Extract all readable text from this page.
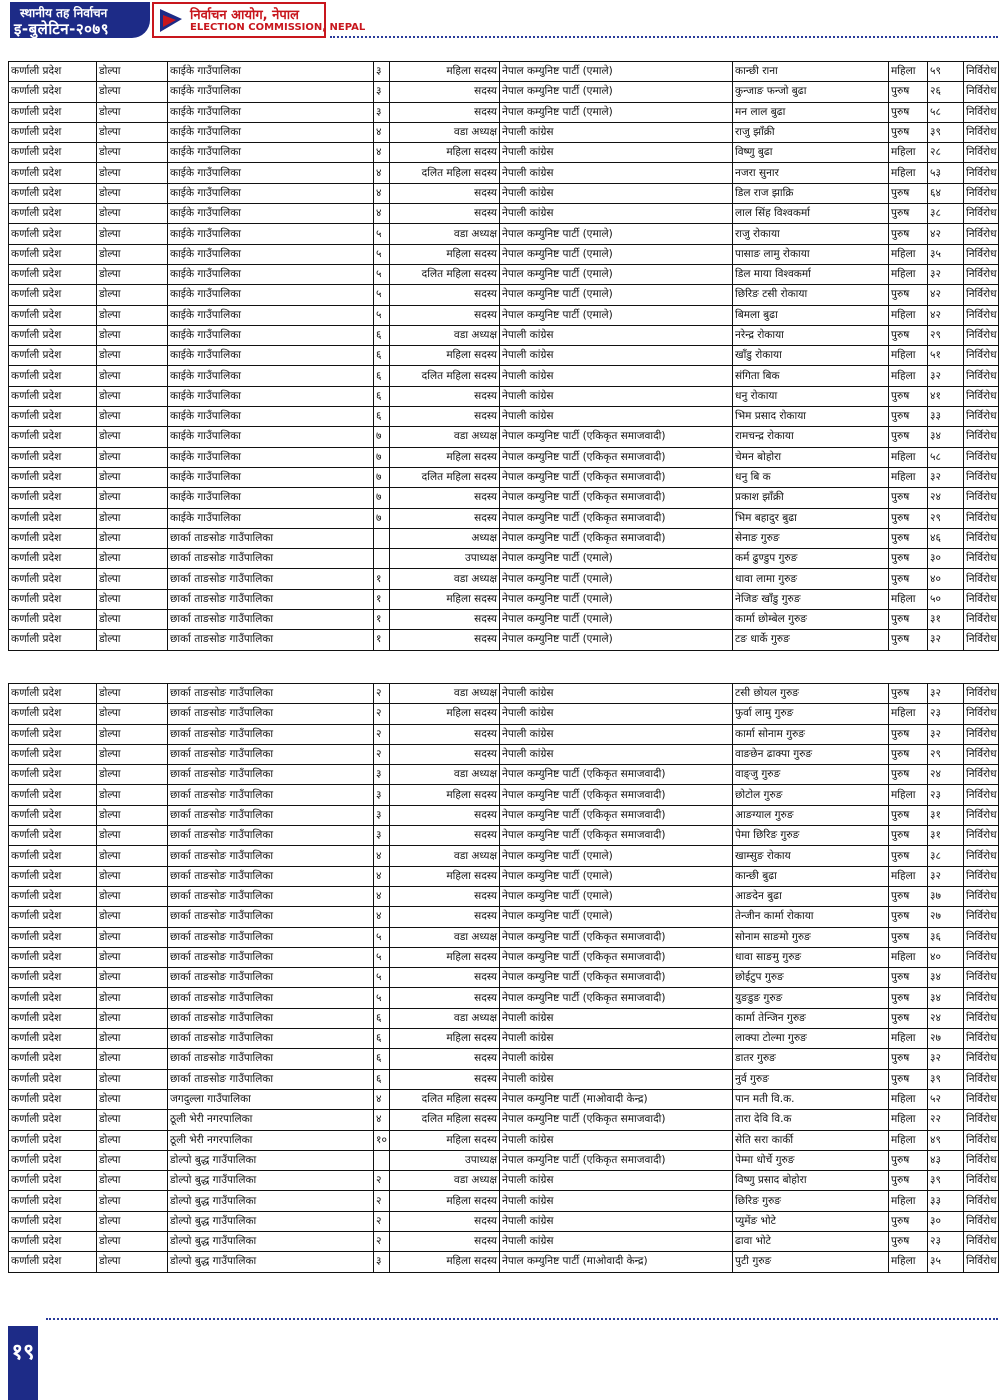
स्थानीय तह निर्वाचन
इ-बुलेटिन-२०७९
निर्वाचन आयोग, नेपाल
ELECTION COMMISSION, NEPAL
कर्णाली प्रदेश	डोल्पा	काईके गाउँपालिका	३	महिला सदस्य	नेपाल कम्युनिष्ट पार्टी (एमाले)	कान्छी राना	महिला	५९	निर्विरोध
कर्णाली प्रदेश	डोल्पा	काईके गाउँपालिका	३	सदस्य	नेपाल कम्युनिष्ट पार्टी (एमाले)	कुन्जाङ फन्जो बुढा	पुरुष	२६	निर्विरोध
कर्णाली प्रदेश	डोल्पा	काईके गाउँपालिका	३	सदस्य	नेपाल कम्युनिष्ट पार्टी (एमाले)	मन लाल बुढा	पुरुष	५८	निर्विरोध
कर्णाली प्रदेश	डोल्पा	काईके गाउँपालिका	४	वडा अध्यक्ष	नेपाली कांग्रेस	राजु झाँक्री	पुरुष	३९	निर्विरोध
कर्णाली प्रदेश	डोल्पा	काईके गाउँपालिका	४	महिला सदस्य	नेपाली कांग्रेस	विष्णु बुढा	महिला	२८	निर्विरोध
कर्णाली प्रदेश	डोल्पा	काईके गाउँपालिका	४	दलित महिला सदस्य	नेपाली कांग्रेस	नजरा सुनार	महिला	५३	निर्विरोध
कर्णाली प्रदेश	डोल्पा	काईके गाउँपालिका	४	सदस्य	नेपाली कांग्रेस	डिल राज झाक्रि	पुरुष	६४	निर्विरोध
कर्णाली प्रदेश	डोल्पा	काईके गाउँपालिका	४	सदस्य	नेपाली कांग्रेस	लाल सिंह विश्वकर्मा	पुरुष	३८	निर्विरोध
कर्णाली प्रदेश	डोल्पा	काईके गाउँपालिका	५	वडा अध्यक्ष	नेपाल कम्युनिष्ट पार्टी (एमाले)	राजु रोकाया	पुरुष	४२	निर्विरोध
कर्णाली प्रदेश	डोल्पा	काईके गाउँपालिका	५	महिला सदस्य	नेपाल कम्युनिष्ट पार्टी (एमाले)	पासाङ लामु रोकाया	महिला	३५	निर्विरोध
कर्णाली प्रदेश	डोल्पा	काईके गाउँपालिका	५	दलित महिला सदस्य	नेपाल कम्युनिष्ट पार्टी (एमाले)	डिल माया विश्वकर्मा	महिला	३२	निर्विरोध
कर्णाली प्रदेश	डोल्पा	काईके गाउँपालिका	५	सदस्य	नेपाल कम्युनिष्ट पार्टी (एमाले)	छिरिङ टसी रोकाया	पुरुष	४२	निर्विरोध
कर्णाली प्रदेश	डोल्पा	काईके गाउँपालिका	५	सदस्य	नेपाल कम्युनिष्ट पार्टी (एमाले)	बिमला बुढा	महिला	४२	निर्विरोध
कर्णाली प्रदेश	डोल्पा	काईके गाउँपालिका	६	वडा अध्यक्ष	नेपाली कांग्रेस	नरेन्द्र रोकाया	पुरुष	२९	निर्विरोध
कर्णाली प्रदेश	डोल्पा	काईके गाउँपालिका	६	महिला सदस्य	नेपाली कांग्रेस	खाँडु रोकाया	महिला	५१	निर्विरोध
कर्णाली प्रदेश	डोल्पा	काईके गाउँपालिका	६	दलित महिला सदस्य	नेपाली कांग्रेस	संगिता बिक	महिला	३२	निर्विरोध
कर्णाली प्रदेश	डोल्पा	काईके गाउँपालिका	६	सदस्य	नेपाली कांग्रेस	धनु रोकाया	पुरुष	४१	निर्विरोध
कर्णाली प्रदेश	डोल्पा	काईके गाउँपालिका	६	सदस्य	नेपाली कांग्रेस	भिम प्रसाद रोकाया	पुरुष	३३	निर्विरोध
कर्णाली प्रदेश	डोल्पा	काईके गाउँपालिका	७	वडा अध्यक्ष	नेपाल कम्युनिष्ट पार्टी (एकिकृत समाजवादी)	रामचन्द्र रोकाया	पुरुष	३४	निर्विरोध
कर्णाली प्रदेश	डोल्पा	काईके गाउँपालिका	७	महिला सदस्य	नेपाल कम्युनिष्ट पार्टी (एकिकृत समाजवादी)	चेमन बोहोरा	महिला	५८	निर्विरोध
कर्णाली प्रदेश	डोल्पा	काईके गाउँपालिका	७	दलित महिला सदस्य	नेपाल कम्युनिष्ट पार्टी (एकिकृत समाजवादी)	धनु बि क	महिला	३२	निर्विरोध
कर्णाली प्रदेश	डोल्पा	काईके गाउँपालिका	७	सदस्य	नेपाल कम्युनिष्ट पार्टी (एकिकृत समाजवादी)	प्रकाश झाँक्री	पुरुष	२४	निर्विरोध
कर्णाली प्रदेश	डोल्पा	काईके गाउँपालिका	७	सदस्य	नेपाल कम्युनिष्ट पार्टी (एकिकृत समाजवादी)	भिम बहादुर बुढा	पुरुष	२९	निर्विरोध
कर्णाली प्रदेश	डोल्पा	छार्का ताङसोङ गाउँपालिका		अध्यक्ष	नेपाल कम्युनिष्ट पार्टी (एकिकृत समाजवादी)	सेनाङ गुरुङ	पुरुष	४६	निर्विरोध
कर्णाली प्रदेश	डोल्पा	छार्का ताङसोङ गाउँपालिका		उपाध्यक्ष	नेपाल कम्युनिष्ट पार्टी (एमाले)	कर्म ढुण्डुप गुरुङ	पुरुष	३०	निर्विरोध
कर्णाली प्रदेश	डोल्पा	छार्का ताङसोङ गाउँपालिका	१	वडा अध्यक्ष	नेपाल कम्युनिष्ट पार्टी (एमाले)	धावा लामा गुरुङ	पुरुष	४०	निर्विरोध
कर्णाली प्रदेश	डोल्पा	छार्का ताङसोङ गाउँपालिका	१	महिला सदस्य	नेपाल कम्युनिष्ट पार्टी (एमाले)	नेजिङ खाँडु गुरुङ	महिला	५०	निर्विरोध
कर्णाली प्रदेश	डोल्पा	छार्का ताङसोङ गाउँपालिका	१	सदस्य	नेपाल कम्युनिष्ट पार्टी (एमाले)	कार्मा छोम्बेल गुरुङ	पुरुष	३१	निर्विरोध
कर्णाली प्रदेश	डोल्पा	छार्का ताङसोङ गाउँपालिका	१	सदस्य	नेपाल कम्युनिष्ट पार्टी (एमाले)	टङ धार्के गुरुङ	पुरुष	३२	निर्विरोध
कर्णाली प्रदेश	डोल्पा	छार्का ताङसोङ गाउँपालिका	२	वडा अध्यक्ष	नेपाली कांग्रेस	टसी छोयल गुरुङ	पुरुष	३२	निर्विरोध
कर्णाली प्रदेश	डोल्पा	छार्का ताङसोङ गाउँपालिका	२	महिला सदस्य	नेपाली कांग्रेस	फुर्वा लामु गुरुङ	महिला	२३	निर्विरोध
कर्णाली प्रदेश	डोल्पा	छार्का ताङसोङ गाउँपालिका	२	सदस्य	नेपाली कांग्रेस	कार्मा सोनाम गुरुङ	पुरुष	३२	निर्विरोध
कर्णाली प्रदेश	डोल्पा	छार्का ताङसोङ गाउँपालिका	२	सदस्य	नेपाली कांग्रेस	वाङछेन ढाक्पा गुरुङ	पुरुष	२९	निर्विरोध
कर्णाली प्रदेश	डोल्पा	छार्का ताङसोङ गाउँपालिका	३	वडा अध्यक्ष	नेपाल कम्युनिष्ट पार्टी (एकिकृत समाजवादी)	वाङ्जु गुरुङ	पुरुष	२४	निर्विरोध
कर्णाली प्रदेश	डोल्पा	छार्का ताङसोङ गाउँपालिका	३	महिला सदस्य	नेपाल कम्युनिष्ट पार्टी (एकिकृत समाजवादी)	छोटोल गुरुङ	महिला	२३	निर्विरोध
कर्णाली प्रदेश	डोल्पा	छार्का ताङसोङ गाउँपालिका	३	सदस्य	नेपाल कम्युनिष्ट पार्टी (एकिकृत समाजवादी)	आङग्याल गुरुङ	पुरुष	३१	निर्विरोध
कर्णाली प्रदेश	डोल्पा	छार्का ताङसोङ गाउँपालिका	३	सदस्य	नेपाल कम्युनिष्ट पार्टी (एकिकृत समाजवादी)	पेमा छिरिङ गुरुङ	पुरुष	३१	निर्विरोध
कर्णाली प्रदेश	डोल्पा	छार्का ताङसोङ गाउँपालिका	४	वडा अध्यक्ष	नेपाल कम्युनिष्ट पार्टी (एमाले)	खाम्सुङ रोकाय	पुरुष	३८	निर्विरोध
कर्णाली प्रदेश	डोल्पा	छार्का ताङसोङ गाउँपालिका	४	महिला सदस्य	नेपाल कम्युनिष्ट पार्टी (एमाले)	कान्छी बुढा	महिला	३२	निर्विरोध
कर्णाली प्रदेश	डोल्पा	छार्का ताङसोङ गाउँपालिका	४	सदस्य	नेपाल कम्युनिष्ट पार्टी (एमाले)	आङदेन बुढा	पुरुष	३७	निर्विरोध
कर्णाली प्रदेश	डोल्पा	छार्का ताङसोङ गाउँपालिका	४	सदस्य	नेपाल कम्युनिष्ट पार्टी (एमाले)	तेन्जीन कार्मा रोकाया	पुरुष	२७	निर्विरोध
कर्णाली प्रदेश	डोल्पा	छार्का ताङसोङ गाउँपालिका	५	वडा अध्यक्ष	नेपाल कम्युनिष्ट पार्टी (एकिकृत समाजवादी)	सोनाम साङमो गुरुङ	पुरुष	३६	निर्विरोध
कर्णाली प्रदेश	डोल्पा	छार्का ताङसोङ गाउँपालिका	५	महिला सदस्य	नेपाल कम्युनिष्ट पार्टी (एकिकृत समाजवादी)	धावा साङमु गुरुङ	महिला	४०	निर्विरोध
कर्णाली प्रदेश	डोल्पा	छार्का ताङसोङ गाउँपालिका	५	सदस्य	नेपाल कम्युनिष्ट पार्टी (एकिकृत समाजवादी)	छोईटुप गुरुङ	पुरुष	३४	निर्विरोध
कर्णाली प्रदेश	डोल्पा	छार्का ताङसोङ गाउँपालिका	५	सदस्य	नेपाल कम्युनिष्ट पार्टी (एकिकृत समाजवादी)	युङडुङ गुरुङ	पुरुष	३४	निर्विरोध
कर्णाली प्रदेश	डोल्पा	छार्का ताङसोङ गाउँपालिका	६	वडा अध्यक्ष	नेपाली कांग्रेस	कार्मा तेन्जिन गुरुङ	पुरुष	२४	निर्विरोध
कर्णाली प्रदेश	डोल्पा	छार्का ताङसोङ गाउँपालिका	६	महिला सदस्य	नेपाली कांग्रेस	लाक्पा टोल्मा गुरुङ	महिला	२७	निर्विरोध
कर्णाली प्रदेश	डोल्पा	छार्का ताङसोङ गाउँपालिका	६	सदस्य	नेपाली कांग्रेस	डातर गुरुङ	पुरुष	३२	निर्विरोध
कर्णाली प्रदेश	डोल्पा	छार्का ताङसोङ गाउँपालिका	६	सदस्य	नेपाली कांग्रेस	नुर्व गुरुङ	पुरुष	३९	निर्विरोध
कर्णाली प्रदेश	डोल्पा	जगदुल्ला गाउँपालिका	४	दलित महिला सदस्य	नेपाल कम्युनिष्ट पार्टी (माओवादी केन्द्र)	पान मती वि.क.	महिला	५२	निर्विरोध
कर्णाली प्रदेश	डोल्पा	ठूली भेरी नगरपालिका	४	दलित महिला सदस्य	नेपाल कम्युनिष्ट पार्टी (एकिकृत समाजवादी)	तारा देवि वि.क	महिला	२२	निर्विरोध
कर्णाली प्रदेश	डोल्पा	ठूली भेरी नगरपालिका	१०	महिला सदस्य	नेपाली कांग्रेस	सेति सरा कार्की	महिला	४९	निर्विरोध
कर्णाली प्रदेश	डोल्पा	डोल्पो बुद्ध गाउँपालिका		उपाध्यक्ष	नेपाल कम्युनिष्ट पार्टी (एकिकृत समाजवादी)	पेम्मा धोर्चे गुरुङ	पुरुष	४३	निर्विरोध
कर्णाली प्रदेश	डोल्पा	डोल्पो बुद्ध गाउँपालिका	२	वडा अध्यक्ष	नेपाली कांग्रेस	विष्णु प्रसाद बोहोरा	पुरुष	३९	निर्विरोध
कर्णाली प्रदेश	डोल्पा	डोल्पो बुद्ध गाउँपालिका	२	महिला सदस्य	नेपाली कांग्रेस	छिरिङ गुरुङ	महिला	३३	निर्विरोध
कर्णाली प्रदेश	डोल्पा	डोल्पो बुद्ध गाउँपालिका	२	सदस्य	नेपाली कांग्रेस	प्युमेंङ भोटे	पुरुष	३०	निर्विरोध
कर्णाली प्रदेश	डोल्पा	डोल्पो बुद्ध गाउँपालिका	२	सदस्य	नेपाली कांग्रेस	ढावा भोटे	पुरुष	२३	निर्विरोध
कर्णाली प्रदेश	डोल्पा	डोल्पो बुद्ध गाउँपालिका	३	महिला सदस्य	नेपाल कम्युनिष्ट पार्टी (माओवादी केन्द्र)	पुटी गुरुङ	महिला	३५	निर्विरोध
१९
